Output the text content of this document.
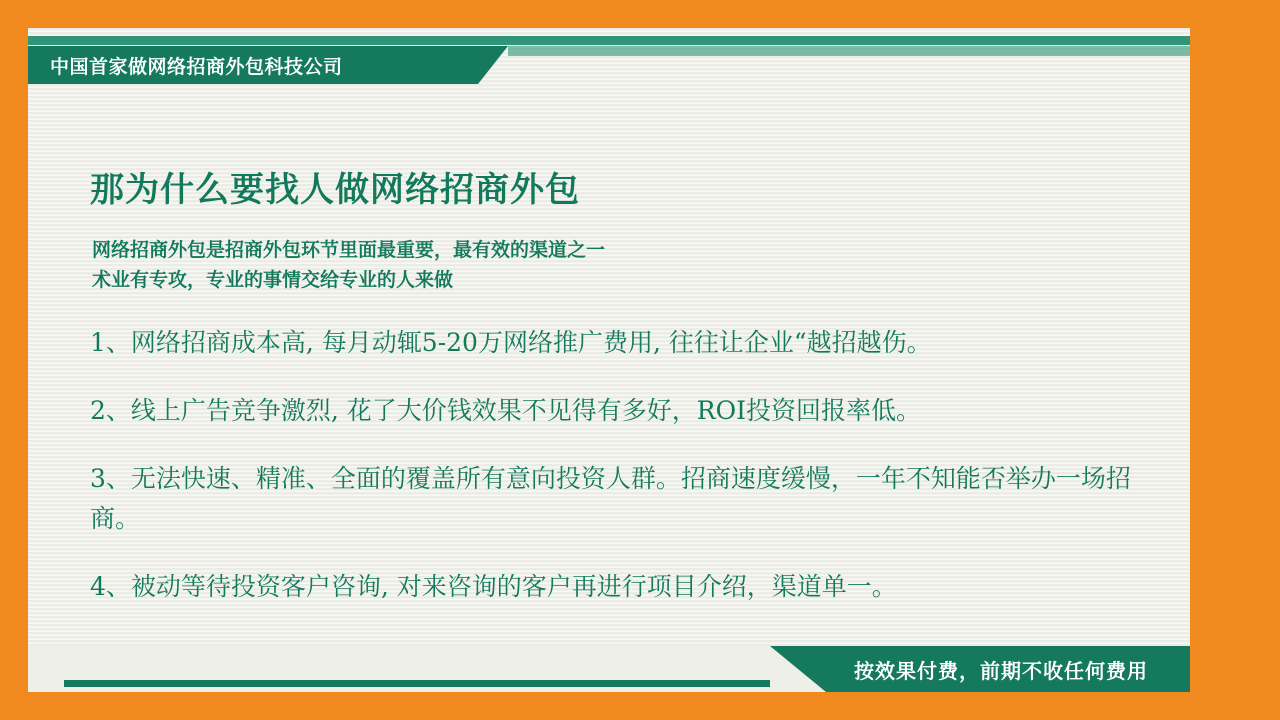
中国首家做网络招商外包科技公司
那为什么要找人做网络招商外包
网络招商外包是招商外包环节里面最重要，最有效的渠道之一
术业有专攻，专业的事情交给专业的人来做
1、网络招商成本高, 每月动辄5-20万网络推广费用, 往往让企业“越招越伤。
2、线上广告竞争激烈, 花了大价钱效果不见得有多好，ROI投资回报率低。
3、无法快速、精准、全面的覆盖所有意向投资人群。招商速度缓慢，一年不知能否举办一场招商。
4、被动等待投资客户咨询, 对来咨询的客户再进行项目介绍，渠道单一。
按效果付费，前期不收任何费用
